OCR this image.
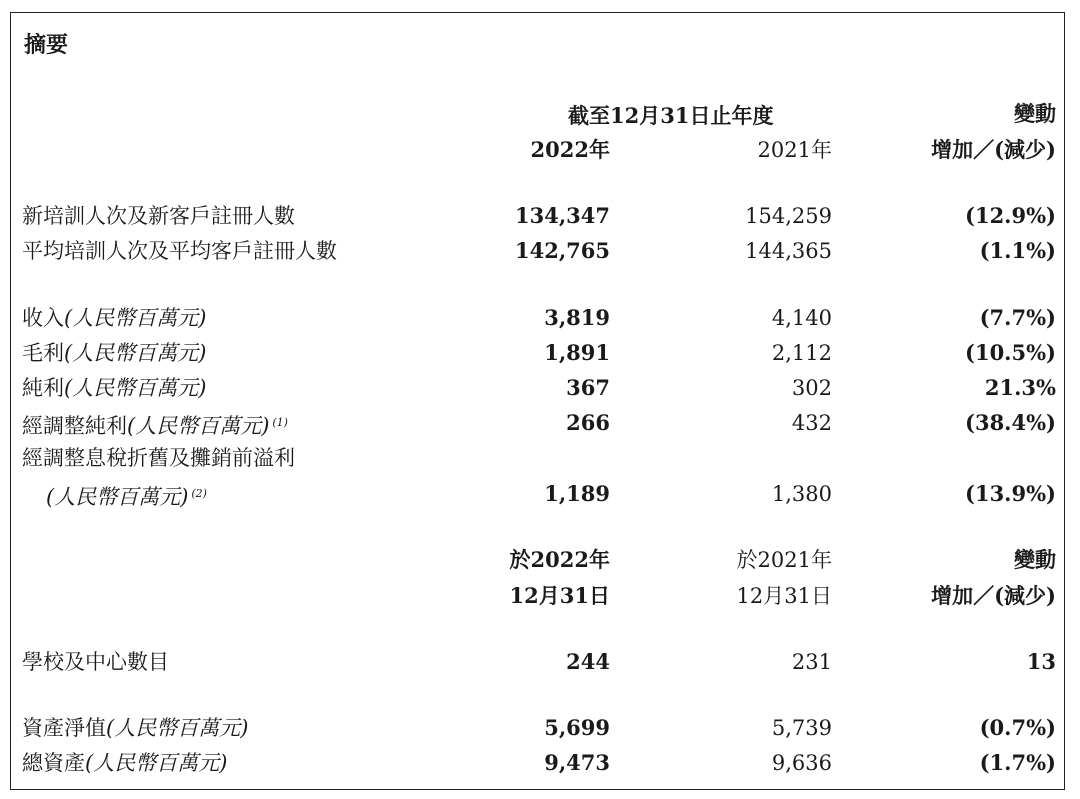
摘要
截至12月31日止年度	變動
2022年	2021年	增加／(減少)
新培訓人次及新客戶註冊人數	134,347	154,259	(12.9%)
平均培訓人次及平均客戶註冊人數	142,765	144,365	(1.1%)
收入(人民幣百萬元)	3,819	4,140	(7.7%)
毛利(人民幣百萬元)	1,891	2,112	(10.5%)
純利(人民幣百萬元)	367	302	21.3%
經調整純利(人民幣百萬元) $^{(1)}$	266	432	(38.4%)
經調整息稅折舊及攤銷前溢利
(人民幣百萬元) $^{(2)}$	1,189	1,380	(13.9%)
於2022年	於2021年	變動
12月31日	12月31日	增加／(減少)
學校及中心數目	244	231	13
資產淨值(人民幣百萬元)	5,699	5,739	(0.7%)
總資產(人民幣百萬元)	9,473	9,636	(1.7%)
